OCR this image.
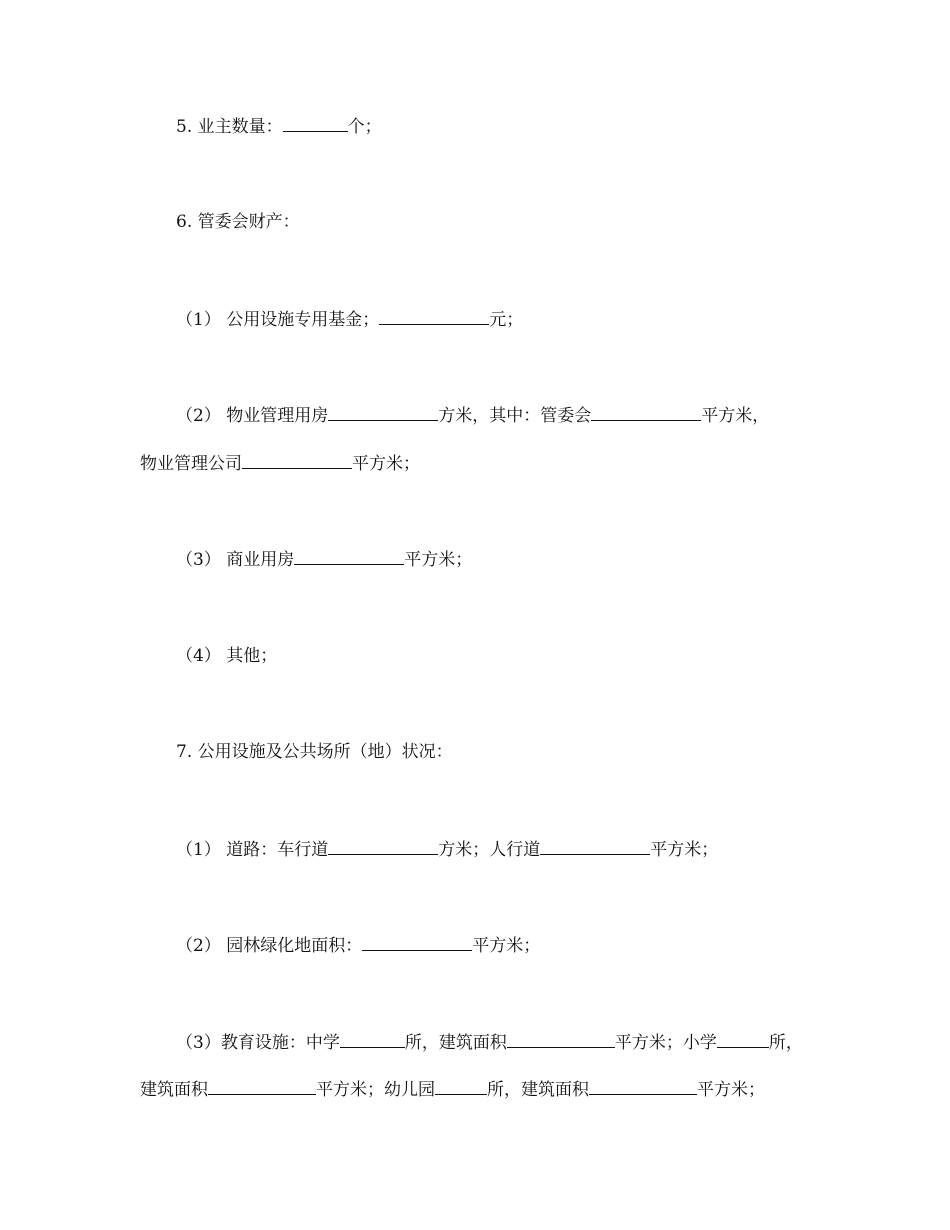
5. 业主数量：	个；
6. 管委会财产：
（1） 公用设施专用基金；	元；
（2） 物业管理用房	方米，其中：管委会	平方米，
物业管理公司	平方米；
（3） 商业用房	平方米；
（4） 其他；
7. 公用设施及公共场所（地）状况：
（1） 道路：车行道	方米；人行道	平方米；
（2） 园林绿化地面积：	平方米；
（3）教育设施：中学	所，建筑面积	平方米；小学	所，
建筑面积	平方米；幼儿园	所，建筑面积	平方米；
